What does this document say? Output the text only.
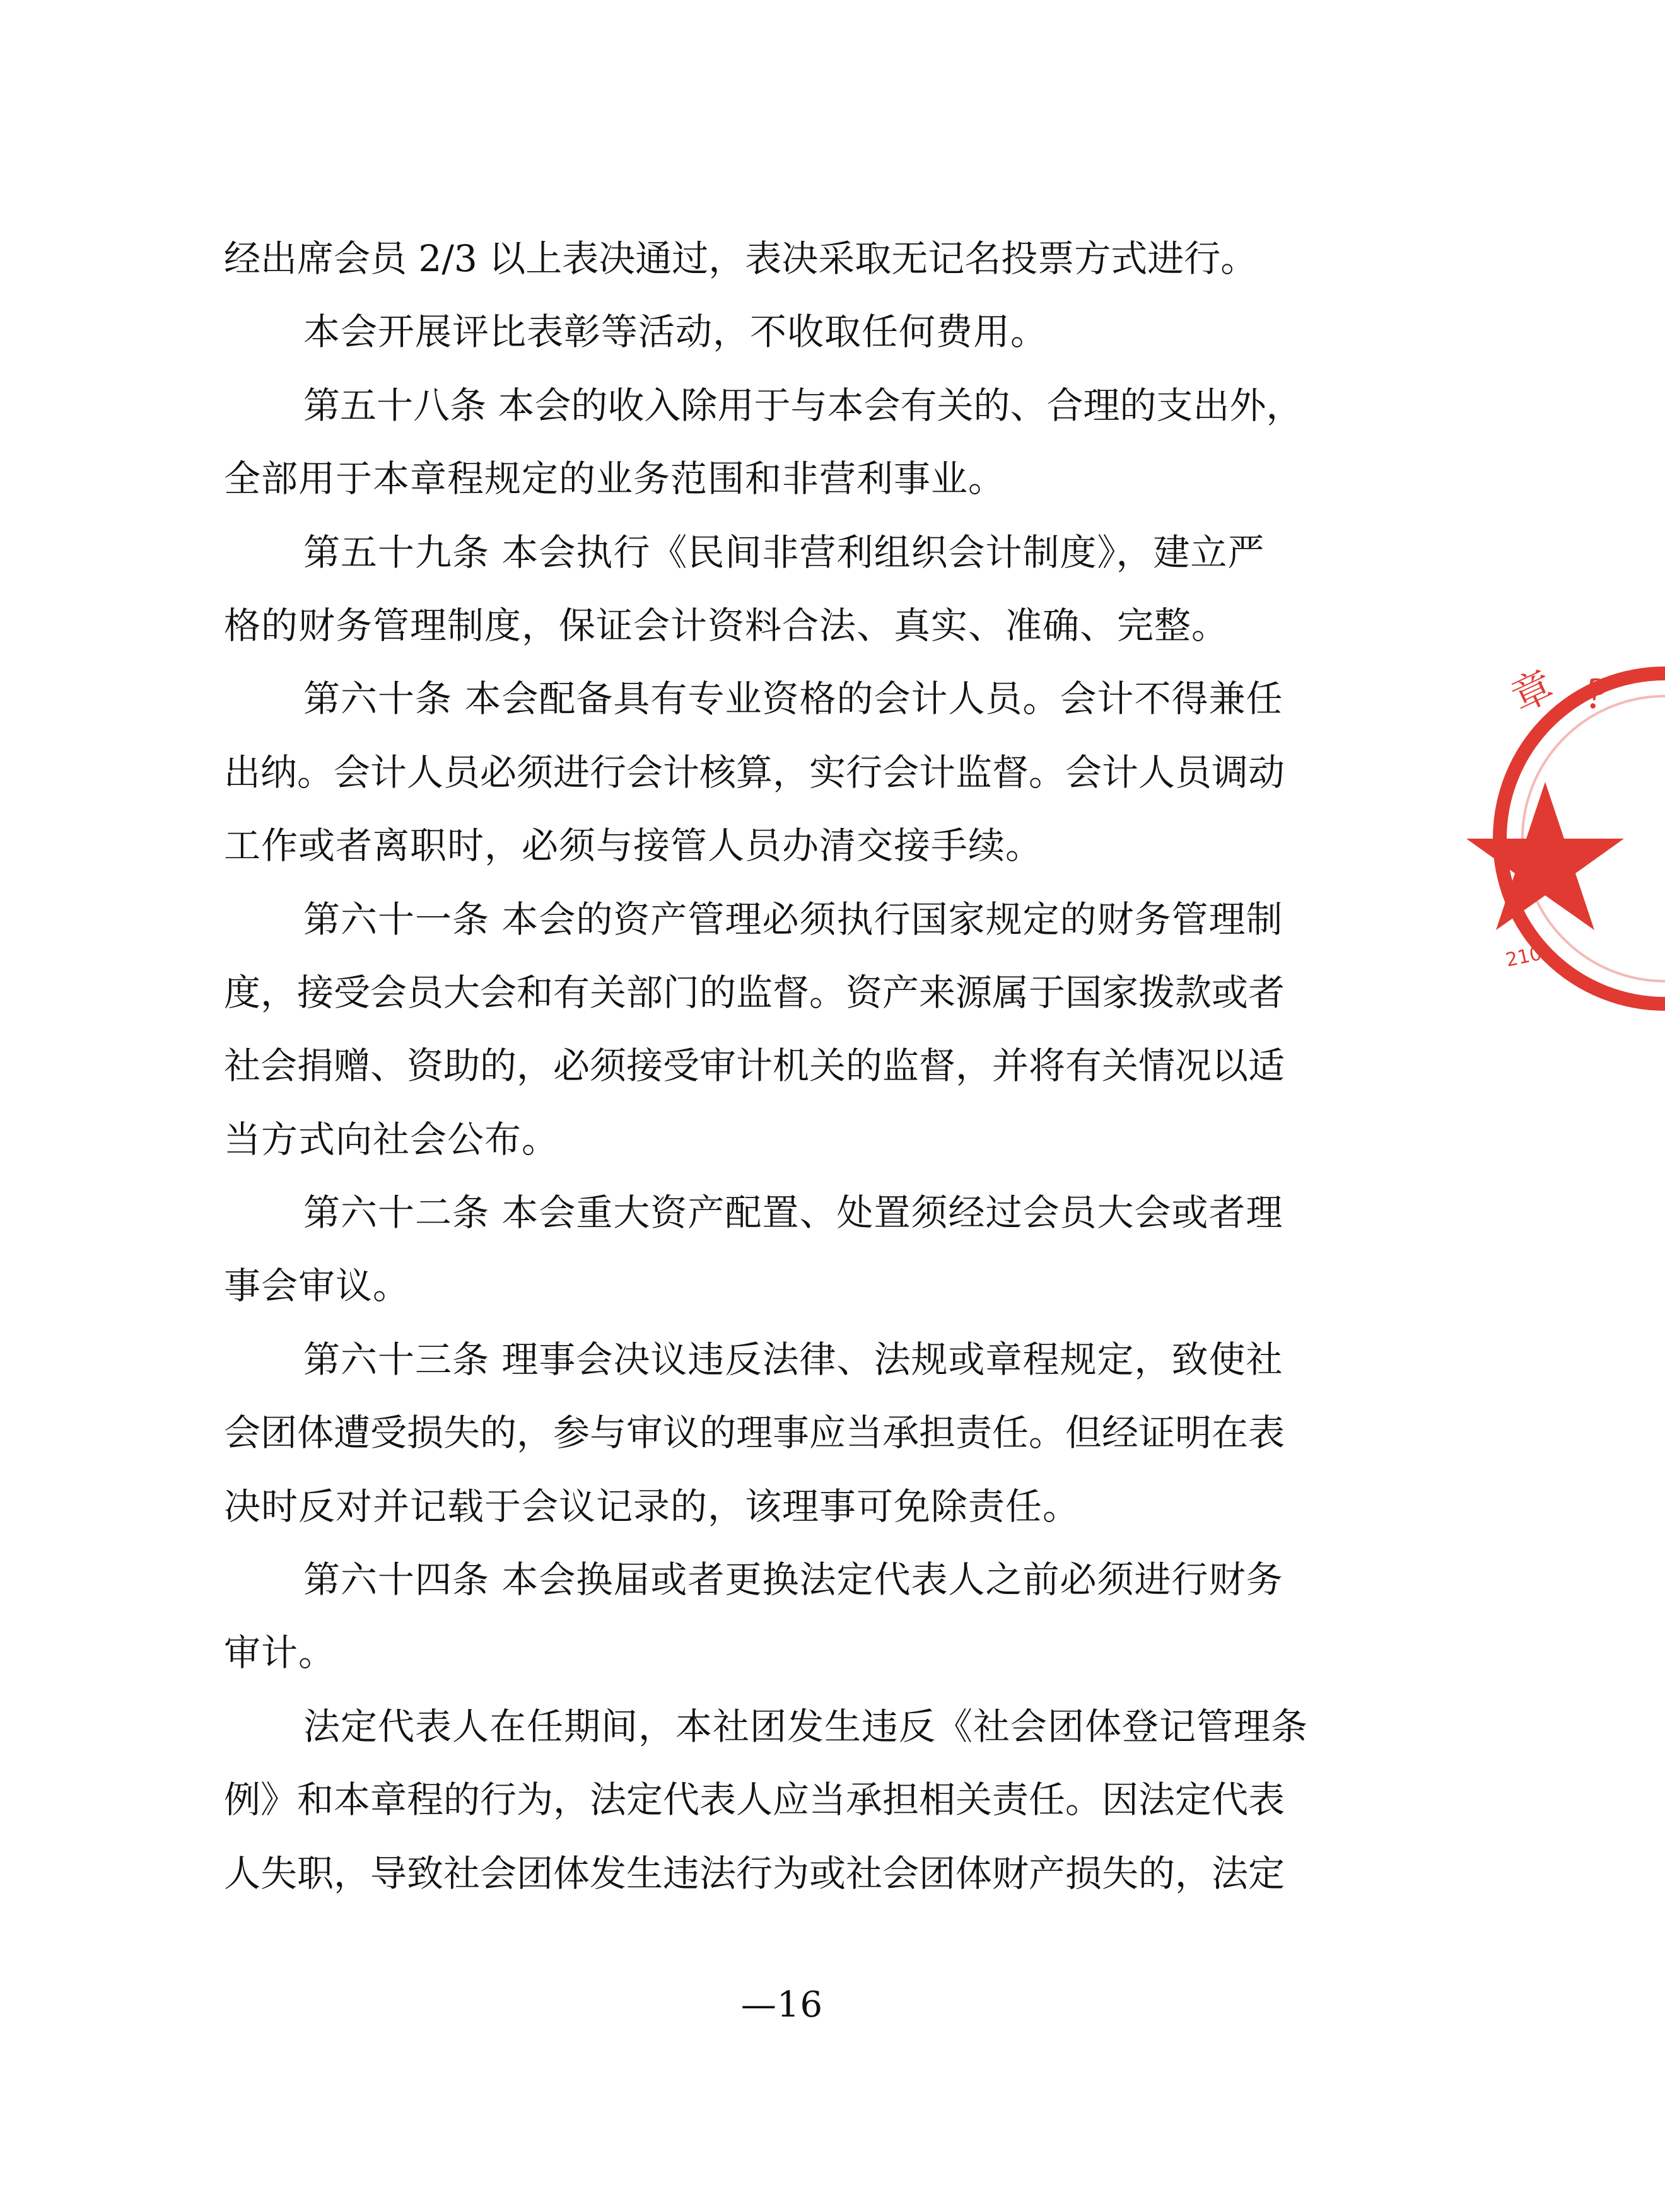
经出席会员 2/3 以上表决通过，表决采取无记名投票方式进行。
本会开展评比表彰等活动，不收取任何费用。
第五十八条 本会的收入除用于与本会有关的、合理的支出外，
全部用于本章程规定的业务范围和非营利事业。
第五十九条 本会执行《民间非营利组织会计制度》，建立严
格的财务管理制度，保证会计资料合法、真实、准确、完整。
第六十条 本会配备具有专业资格的会计人员。会计不得兼任
出纳。会计人员必须进行会计核算，实行会计监督。会计人员调动
工作或者离职时，必须与接管人员办清交接手续。
第六十一条 本会的资产管理必须执行国家规定的财务管理制
度，接受会员大会和有关部门的监督。资产来源属于国家拨款或者
社会捐赠、资助的，必须接受审计机关的监督，并将有关情况以适
当方式向社会公布。
第六十二条 本会重大资产配置、处置须经过会员大会或者理
事会审议。
第六十三条 理事会决议违反法律、法规或章程规定，致使社
会团体遭受损失的，参与审议的理事应当承担责任。但经证明在表
决时反对并记载于会议记录的，该理事可免除责任。
第六十四条 本会换届或者更换法定代表人之前必须进行财务
审计。
法定代表人在任期间，本社团发生违反《社会团体登记管理条
例》和本章程的行为，法定代表人应当承担相关责任。因法定代表
人失职，导致社会团体发生违法行为或社会团体财产损失的，法定
—16
章 ?
210
